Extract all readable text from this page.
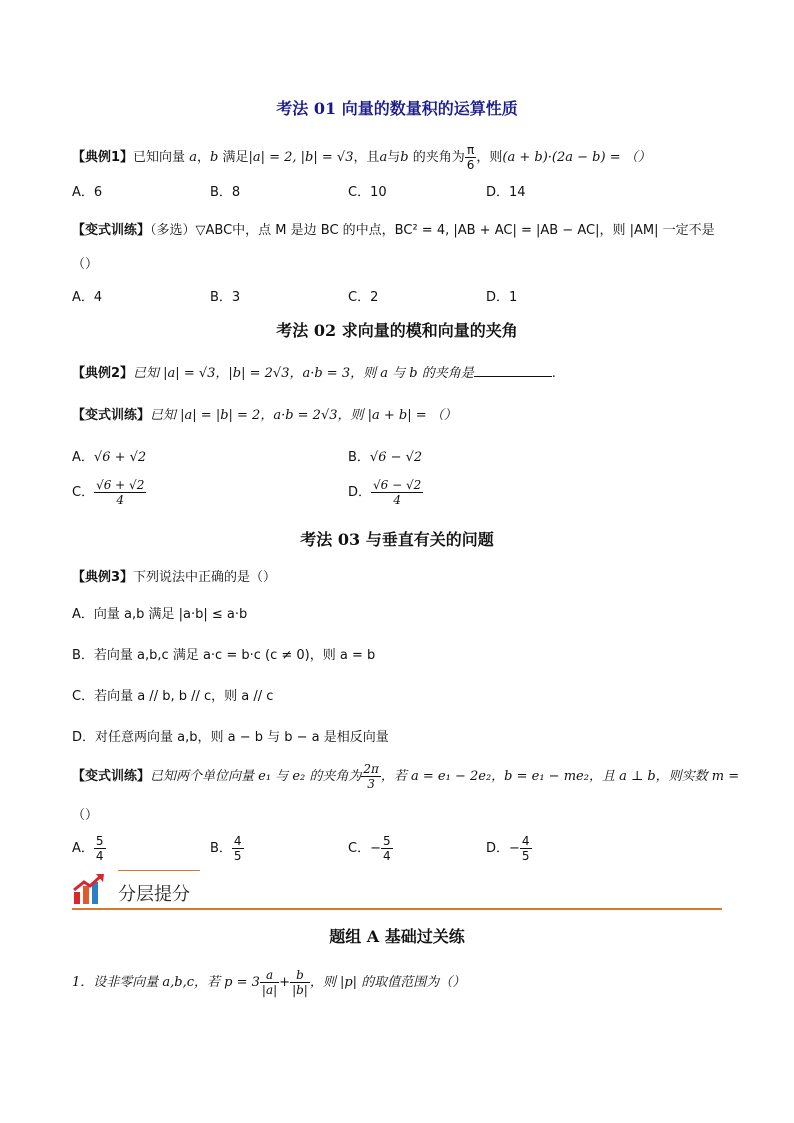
考法 01 向量的数量积的运算性质
【典例1】已知向量 a，b 满足|a| = 2, |b| = √3，且a与b 的夹角为 $\frac{\pi}{6}$ ，则(a + b)·(2a − b) = （）
A．6	B．8	C．10	D．14
【变式训练】（多选）▽ABC中，点 M 是边 BC 的中点，BC² = 4, |AB + AC| = |AB − AC|，则 |AM| 一定不是
（）
A．4	B．3	C．2	D．1
考法 02 求向量的模和向量的夹角
【典例2】已知 |a| = √3，|b| = 2√3，a·b = 3，则 a 与 b 的夹角是	.
【变式训练】已知 |a| = |b| = 2，a·b = 2√3，则 |a + b| = （）
A．√6 + √2	B．√6 − √2
C． $\frac{√6 + √2}{4}$	D． $\frac{√6 - √2}{4}$
考法 03 与垂直有关的问题
【典例3】下列说法中正确的是（）
A．向量 a,b 满足 |a·b| ≤ a·b
B．若向量 a,b,c 满足 a·c = b·c (c ≠ 0)，则 a = b
C．若向量 a // b, b // c，则 a // c
D．对任意两向量 a,b，则 a − b 与 b − a 是相反向量
【变式训练】已知两个单位向量 e₁ 与 e₂ 的夹角为 $\frac{2\pi}{3}$ ，若 a = e₁ − 2e₂，b = e₁ − me₂，且 a ⊥ b，则实数 m =
（）
A． $\frac{5}{4}$	B． $\frac{4}{5}$	C．− $\frac{5}{4}$	D．− $\frac{4}{5}$
分层提分
题组 A 基础过关练
1．设非零向量 a,b,c，若 $p = 3 \frac{a}{|a|} + \frac{b}{|b|}$ ，则 |p| 的取值范围为（）
